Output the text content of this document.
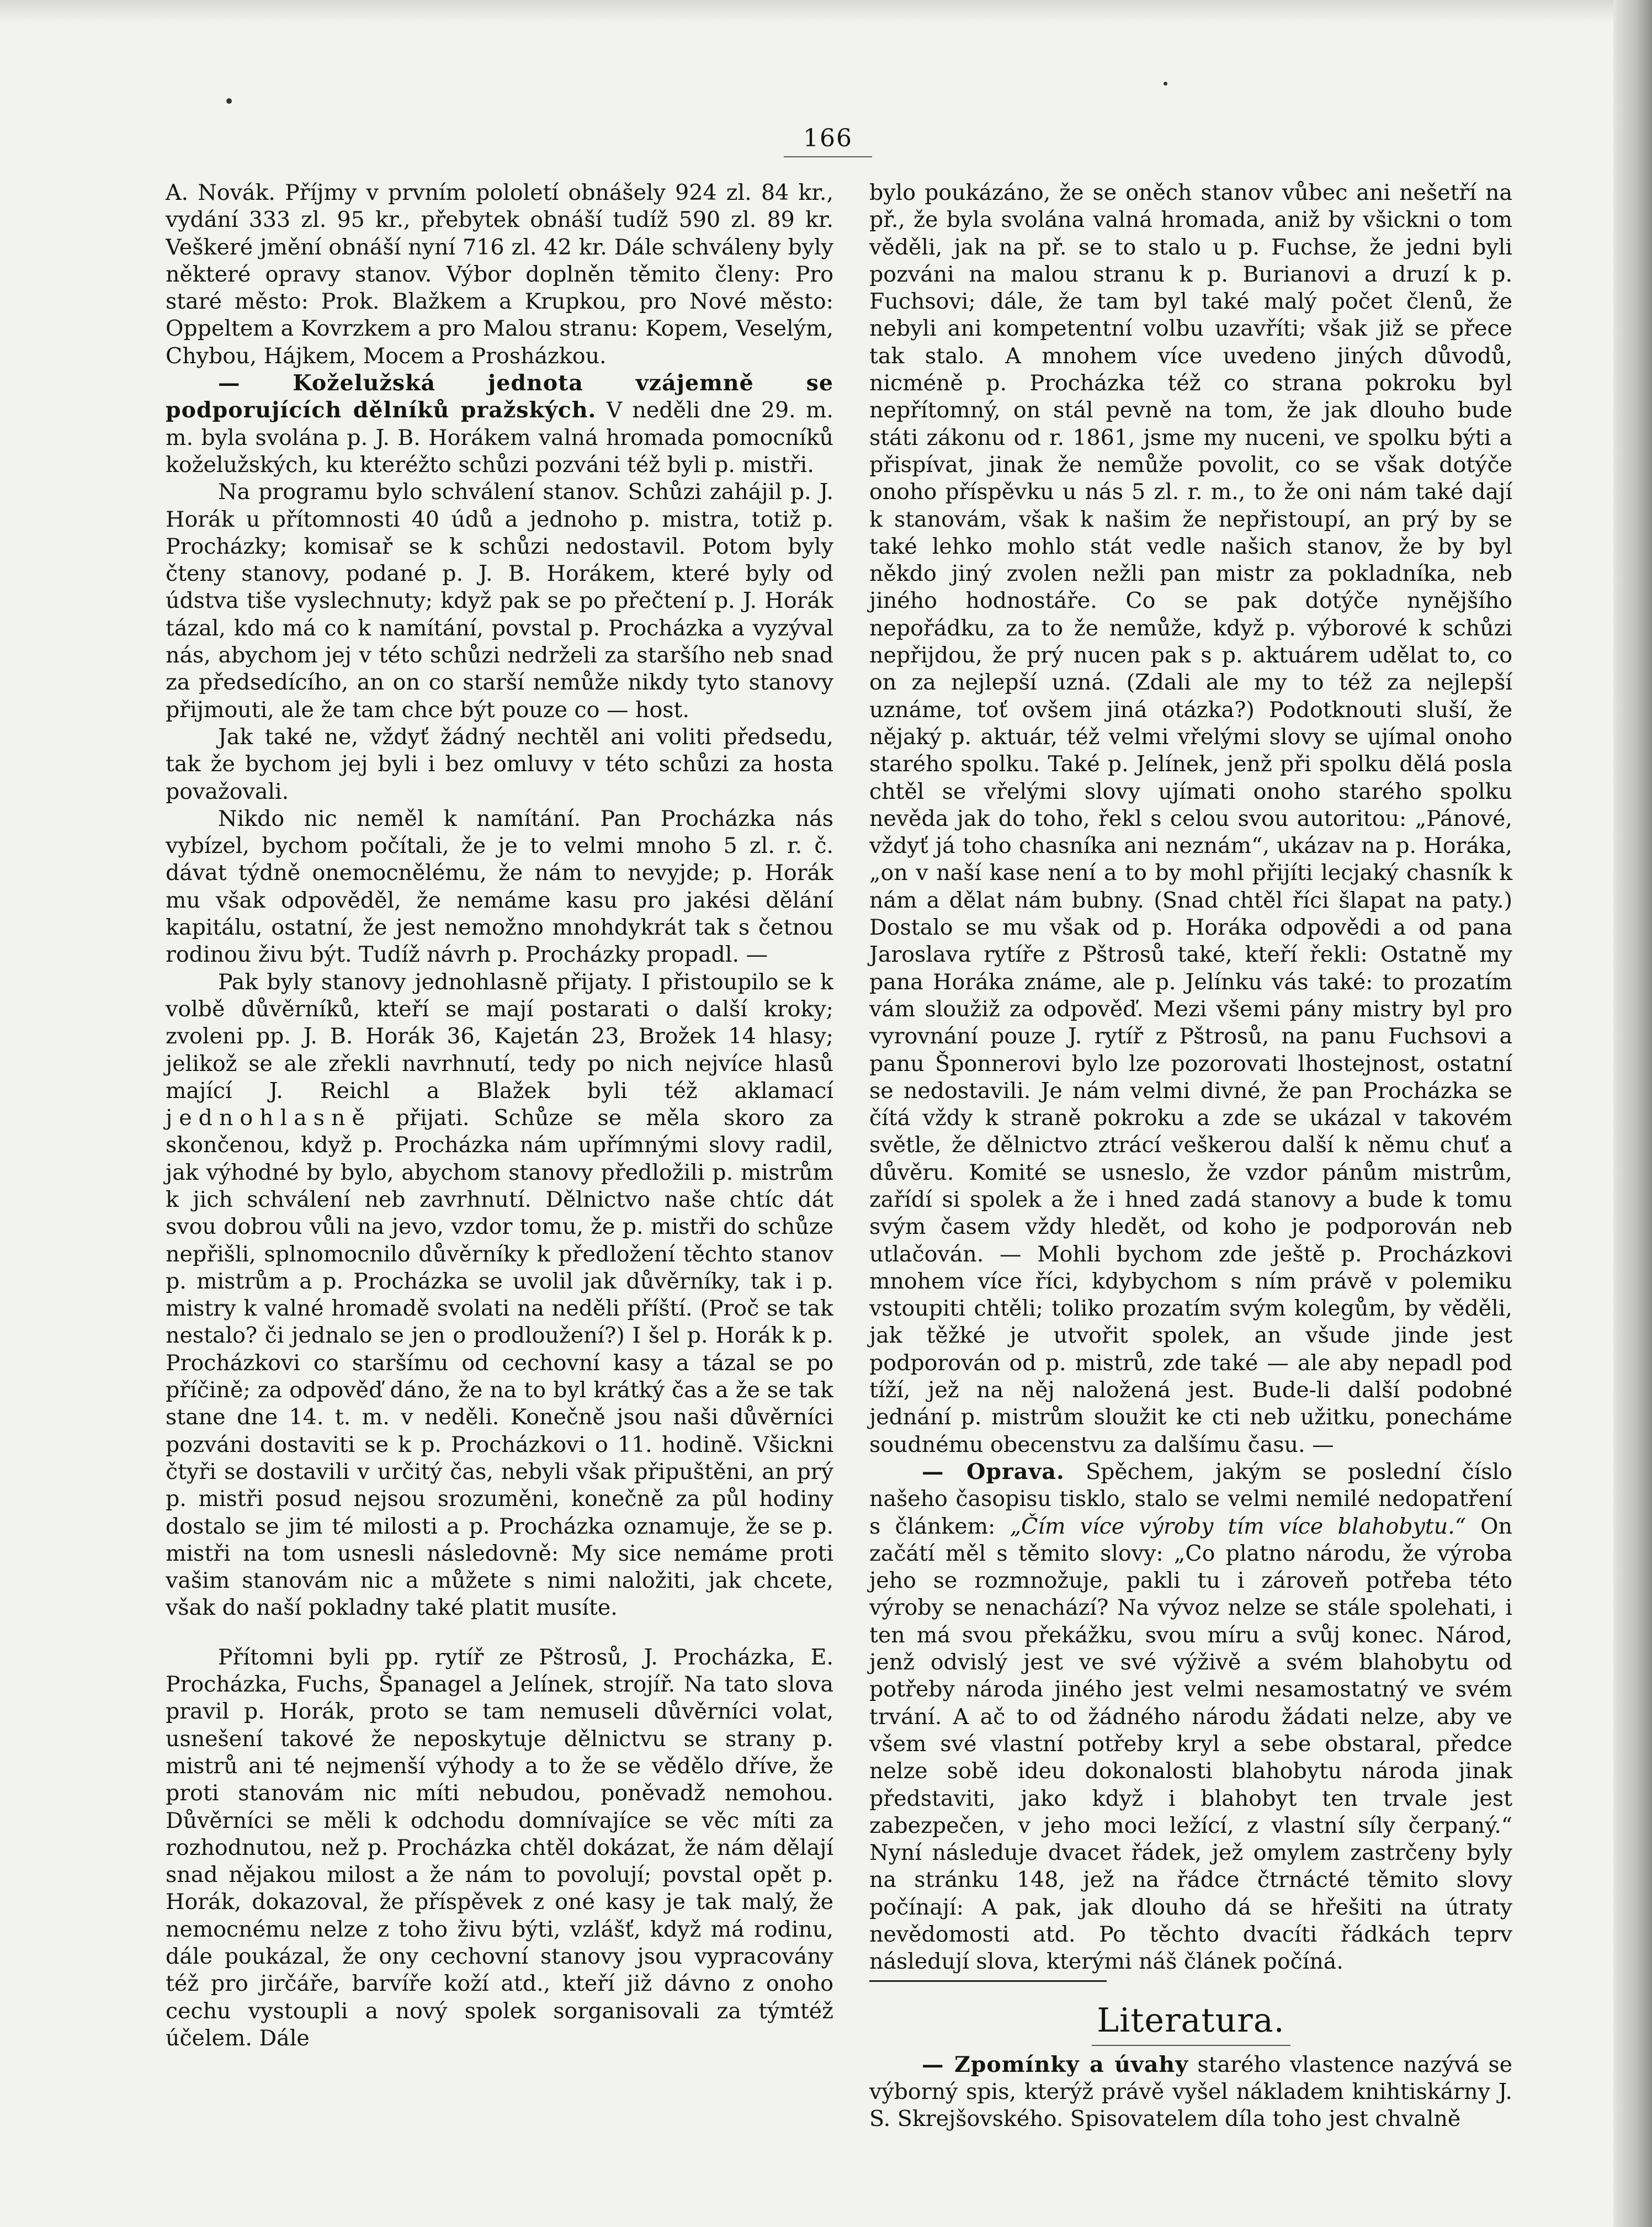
166

A. Novák. Příjmy v prvním pololetí obnášely 924 zl. 84 kr., vydání 333 zl. 95 kr., přebytek obnáší tudíž 590 zl. 89 kr. Veškeré jmění obnáší nyní 716 zl. 42 kr. Dále schváleny byly některé opravy stanov. Výbor doplněn těmito členy: Pro staré město: Prok. Blažkem a Krupkou, pro Nové město: Oppeltem a Kovrzkem a pro Malou stranu: Kopem, Veselým, Chybou, Hájkem, Mocem a Prosházkou.

— Koželužská jednota vzájemně se podporujících dělníků pražských. V neděli dne 29. m. m. byla svolána p. J. B. Horákem valná hromada pomocníků koželužských, ku kteréžto schůzi pozváni též byli p. mistři.

Na programu bylo schválení stanov. Schůzi zahájil p. J. Horák u přítomnosti 40 údů a jednoho p. mistra, totiž p. Procházky; komisař se k schůzi nedostavil. Potom byly čteny stanovy, podané p. J. B. Horákem, které byly od údstva tiše vyslechnuty; když pak se po přečtení p. J. Horák tázal, kdo má co k namítání, povstal p. Procházka a vyzýval nás, abychom jej v této schůzi nedrželi za staršího neb snad za předsedícího, an on co starší nemůže nikdy tyto stanovy přijmouti, ale že tam chce být pouze co — host.

Jak také ne, vždyť žádný nechtěl ani voliti předsedu, tak že bychom jej byli i bez omluvy v této schůzi za hosta považovali.

Nikdo nic neměl k namítání. Pan Procházka nás vybízel, bychom počítali, že je to velmi mnoho 5 zl. r. č. dávat týdně onemocnělému, že nám to nevyjde; p. Horák mu však odpověděl, že nemáme kasu pro jakési dělání kapitálu, ostatní, že jest nemožno mnohdykrát tak s četnou rodinou živu být. Tudíž návrh p. Procházky propadl. —

Pak byly stanovy jednohlasně přijaty. I přistoupilo se k volbě důvěrníků, kteří se mají postarati o další kroky; zvoleni pp. J. B. Horák 36, Kajetán 23, Brožek 14 hlasy; jelikož se ale zřekli navrhnutí, tedy po nich nejvíce hlasů mající J. Reichl a Blažek byli též aklamací jednohlasně přijati. Schůze se měla skoro za skončenou, když p. Procházka nám upřímnými slovy radil, jak výhodné by bylo, abychom stanovy předložili p. mistrům k jich schválení neb zavrhnutí. Dělnictvo naše chtíc dát svou dobrou vůli na jevo, vzdor tomu, že p. mistři do schůze nepřišli, splnomocnilo důvěrníky k předložení těchto stanov p. mistrům a p. Procházka se uvolil jak důvěrníky, tak i p. mistry k valné hromadě svolati na neděli příští. (Proč se tak nestalo? či jednalo se jen o prodloužení?) I šel p. Horák k p. Procházkovi co staršímu od cechovní kasy a tázal se po příčině; za odpověď dáno, že na to byl krátký čas a že se tak stane dne 14. t. m. v neděli. Konečně jsou naši důvěrníci pozváni dostaviti se k p. Procházkovi o 11. hodině. Všickni čtyři se dostavili v určitý čas, nebyli však připuštěni, an prý p. mistři posud nejsou srozuměni, konečně za půl hodiny dostalo se jim té milosti a p. Procházka oznamuje, že se p. mistři na tom usnesli následovně: My sice nemáme proti vašim stanovám nic a můžete s nimi naložiti, jak chcete, však do naší pokladny také platit musíte.

Přítomni byli pp. rytíř ze Pštrosů, J. Procházka, E. Procházka, Fuchs, Španagel a Jelínek, strojíř. Na tato slova pravil p. Horák, proto se tam nemuseli důvěrníci volat, usnešení takové že neposkytuje dělnictvu se strany p. mistrů ani té nejmenší výhody a to že se vědělo dříve, že proti stanovám nic míti nebudou, poněvadž nemohou. Důvěrníci se měli k odchodu domnívajíce se věc míti za rozhodnutou, než p. Procházka chtěl dokázat, že nám dělají snad nějakou milost a že nám to povolují; povstal opět p. Horák, dokazoval, že příspěvek z oné kasy je tak malý, že nemocnému nelze z toho živu býti, vzlášť, když má rodinu, dále poukázal, že ony cechovní stanovy jsou vypracovány též pro jirčáře, barvíře koží atd., kteří již dávno z onoho cechu vystoupli a nový spolek sorganisovali za týmtéž účelem. Dále

bylo poukázáno, že se oněch stanov vůbec ani nešetří na př., že byla svolána valná hromada, aniž by všickni o tom věděli, jak na př. se to stalo u p. Fuchse, že jedni byli pozváni na malou stranu k p. Burianovi a druzí k p. Fuchsovi; dále, že tam byl také malý počet členů, že nebyli ani kompetentní volbu uzavříti; však již se přece tak stalo. A mnohem více uvedeno jiných důvodů, nicméně p. Procházka též co strana pokroku byl nepřítomný, on stál pevně na tom, že jak dlouho bude státi zákonu od r. 1861, jsme my nuceni, ve spolku býti a přispívat, jinak že nemůže povolit, co se však dotýče onoho příspěvku u nás 5 zl. r. m., to že oni nám také dají k stanovám, však k našim že nepřistoupí, an prý by se také lehko mohlo stát vedle našich stanov, že by byl někdo jiný zvolen nežli pan mistr za pokladníka, neb jiného hodnostáře. Co se pak dotýče nynějšího nepořádku, za to že nemůže, když p. výborové k schůzi nepřijdou, že prý nucen pak s p. aktuárem udělat to, co on za nejlepší uzná. (Zdali ale my to též za nejlepší uznáme, toť ovšem jiná otázka?) Podotknouti sluší, že nějaký p. aktuár, též velmi vřelými slovy se ujímal onoho starého spolku. Také p. Jelínek, jenž při spolku dělá posla chtěl se vřelými slovy ujímati onoho starého spolku nevěda jak do toho, řekl s celou svou autoritou: „Pánové, vždyť já toho chasníka ani neznám“, ukázav na p. Horáka, „on v naší kase není a to by mohl přijíti lecjaký chasník k nám a dělat nám bubny. (Snad chtěl říci šlapat na paty.) Dostalo se mu však od p. Horáka odpovědi a od pana Jaroslava rytíře z Pštrosů také, kteří řekli: Ostatně my pana Horáka známe, ale p. Jelínku vás také: to prozatím vám sloužiž za odpověď. Mezi všemi pány mistry byl pro vyrovnání pouze J. rytíř z Pštrosů, na panu Fuchsovi a panu Šponnerovi bylo lze pozorovati lhostejnost, ostatní se nedostavili. Je nám velmi divné, že pan Procházka se čítá vždy k straně pokroku a zde se ukázal v takovém světle, že dělnictvo ztrácí veškerou další k němu chuť a důvěru. Komité se usneslo, že vzdor pánům mistrům, zařídí si spolek a že i hned zadá stanovy a bude k tomu svým časem vždy hledět, od koho je podporován neb utlačován. — Mohli bychom zde ještě p. Procházkovi mnohem více říci, kdybychom s ním právě v polemiku vstoupiti chtěli; toliko prozatím svým kolegům, by věděli, jak těžké je utvořit spolek, an všude jinde jest podporován od p. mistrů, zde také — ale aby nepadl pod tíží, jež na něj naložená jest. Bude-li další podobné jednání p. mistrům sloužit ke cti neb užitku, ponecháme soudnému obecenstvu za dalšímu času. —

— Oprava. Spěchem, jakým se poslední číslo našeho časopisu tisklo, stalo se velmi nemilé nedopatření s článkem: „Čím více výroby tím více blahobytu.“ On začátí měl s těmito slovy: „Co platno národu, že výroba jeho se rozmnožuje, pakli tu i zároveň potřeba této výroby se nenachází? Na vývoz nelze se stále spolehati, i ten má svou překážku, svou míru a svůj konec. Národ, jenž odvislý jest ve své výživě a svém blahobytu od potřeby národa jiného jest velmi nesamostatný ve svém trvání. A ač to od žádného národu žádati nelze, aby ve všem své vlastní potřeby kryl a sebe obstaral, předce nelze sobě ideu dokonalosti blahobytu národa jinak představiti, jako když i blahobyt ten trvale jest zabezpečen, v jeho moci ležící, z vlastní síly čerpaný.“ Nyní následuje dvacet řádek, jež omylem zastrčeny byly na stránku 148, jež na řádce čtrnácté těmito slovy počínají: A pak, jak dlouho dá se hřešiti na útraty nevědomosti atd. Po těchto dvacíti řádkách teprv následují slova, kterými náš článek počíná.

Literatura.

— Zpomínky a úvahy starého vlastence nazývá se výborný spis, kterýž právě vyšel nákladem knihtiskárny J. S. Skrejšovského. Spisovatelem díla toho jest chvalně
